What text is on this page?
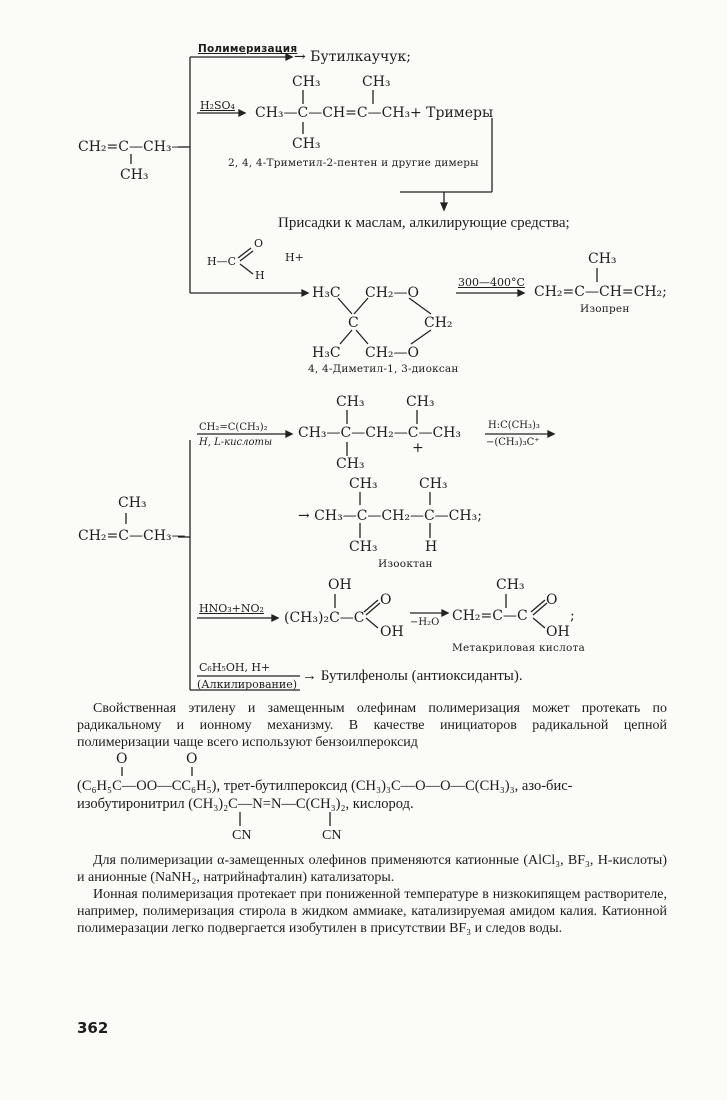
CH₂=C—CH₃—
CH₃
Полимеризация
→ Бутилкаучук;
H₂SO₄
CH₃	CH₃
CH₃—C—CH=C—CH₃ + Тримеры
CH₃
2, 4, 4-Триметил-2-пентен и другие димеры
Присадки к маслам, алкилирующие средства;
H—C
O
H
H+
H₃C CH₂—O
C	CH₂
H₃C CH₂—O
4, 4-Диметил-1, 3-диоксан
300—400°C
CH₃
CH₂=C—CH=CH₂;
Изопрен
CH₃
CH₂=C—CH₃—
CH₂=C(CH₃)₂
H, L-кислоты
CH₃	CH₃
CH₃—C—CH₂—C—CH₃
CH₃
+
H:C(CH₃)₃
−(CH₃)₃C⁺
CH₃	CH₃
→ CH₃—C—CH₂—C—CH₃;
CH₃	H
Изооктан
HNO₃+NO₂
OH
(CH₃)₂C—C
O
OH
−H₂O
CH₃
CH₂=C—C
O
OH
;
Метакриловая кислота
C₆H₅OH, H+
(Алкилирование)
→ Бутилфенолы (антиоксиданты).
Свойственная этилену и замещенным олефинам полимеризация может протекать по радикальному и ионному механизму. В качестве инициаторов радикальной цепной полимеризации чаще всего используют бензоилпероксид
O	O
(C₆H₅C—OO—CC₆H₅), трет-бутилпероксид (CH₃)₃C—O—O—C(CH₃)₃, азо-бис-
изобутиронитрил (CH₃)₂C—N=N—C(CH₃)₂, кислород.
CN	CN
Для полимеризации α-замещенных олефинов применяются катионные (AlCl₃, BF₃, H-кислоты) и анионные (NaNH₂, натрийнафталин) катализаторы.
Ионная полимеризация протекает при пониженной температуре в низкокипящем растворителе, например, полимеризация стирола в жидком аммиаке, катализируемая амидом калия. Катионной полимеразации легко подвергается изобутилен в присутствии BF₃ и следов воды.
362
